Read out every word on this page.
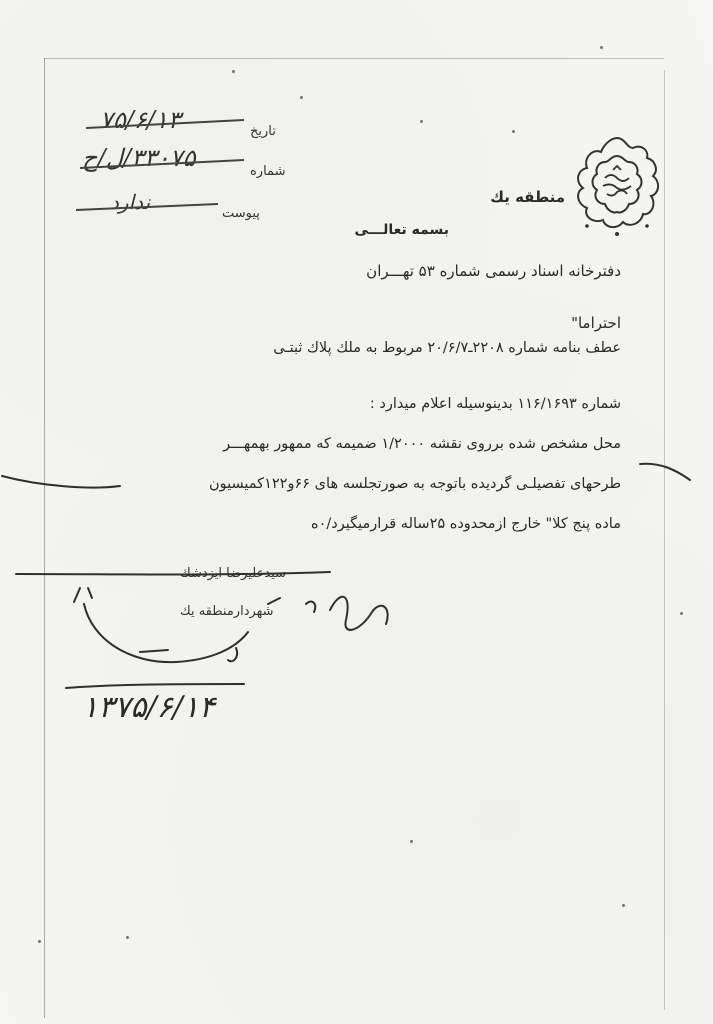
منطقه یك
تاریخ
۷۵/۶/۱۳
شماره
۳۳۰۷۵/ل/ح
پیوست
ندارد
بسمه تعالـــی
دفترخانه اسناد رسمی شماره ۵۳ تهـــران
احتراما"
عطف بنامه شماره ۲۲۰۸ـ۲۰/۶/۷ مربوط به ملك پلاك ثبتـی
شماره ۱۱۶/۱۶۹۳ بدینوسیله اعلام میدارد :
محل مشخص شده برروی نقشه ۱/۲۰۰۰ ضمیمه که ممهور بهمهـــر
طرحهای تفصیلـی گردیده باتوجه به صورتجلسه های ۶۶و۱۲۲کمیسیون
ماده پنج کلا" خارج ازمحدوده ۲۵ساله قرارمیگیرد/۰ه
سیدعلیرضا ایزدشك
شهردارمنطقه یك
۱۳۷۵/۶/۱۴
